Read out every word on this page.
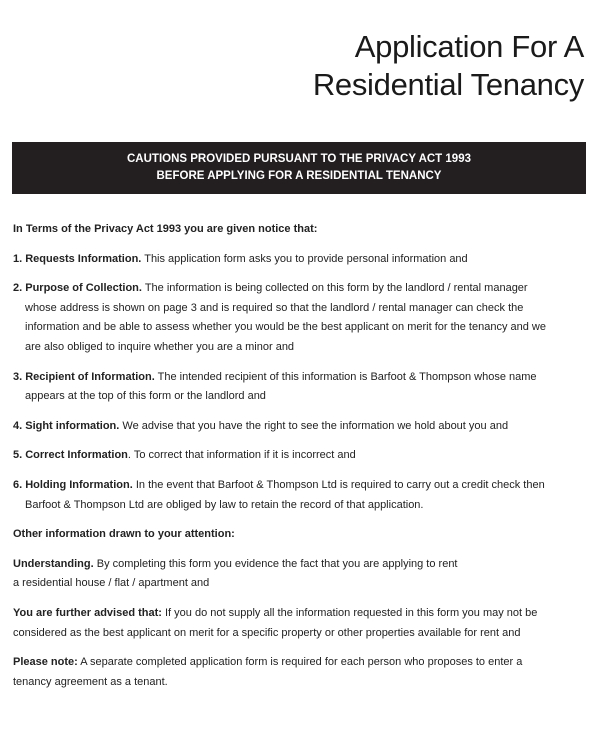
Application For A
Residential Tenancy
CAUTIONS PROVIDED PURSUANT TO THE PRIVACY ACT 1993
BEFORE APPLYING FOR A RESIDENTIAL TENANCY
In Terms of the Privacy Act 1993 you are given notice that:
1. Requests Information. This application form asks you to provide personal information and
2. Purpose of Collection. The information is being collected on this form by the landlord / rental manager
whose address is shown on page 3 and is required so that the landlord / rental manager can check the
information and be able to assess whether you would be the best applicant on merit for the tenancy and we
are also obliged to inquire whether you are a minor and
3. Recipient of Information. The intended recipient of this information is Barfoot & Thompson whose name
appears at the top of this form or the landlord and
4. Sight information. We advise that you have the right to see the information we hold about you and
5. Correct Information. To correct that information if it is incorrect and
6. Holding Information. In the event that Barfoot & Thompson Ltd is required to carry out a credit check then
Barfoot & Thompson Ltd are obliged by law to retain the record of that application.
Other information drawn to your attention:
Understanding. By completing this form you evidence the fact that you are applying to rent
a residential house / flat / apartment and
You are further advised that: If you do not supply all the information requested in this form you may not be
considered as the best applicant on merit for a specific property or other properties available for rent and
Please note: A separate completed application form is required for each person who proposes to enter a
tenancy agreement as a tenant.
